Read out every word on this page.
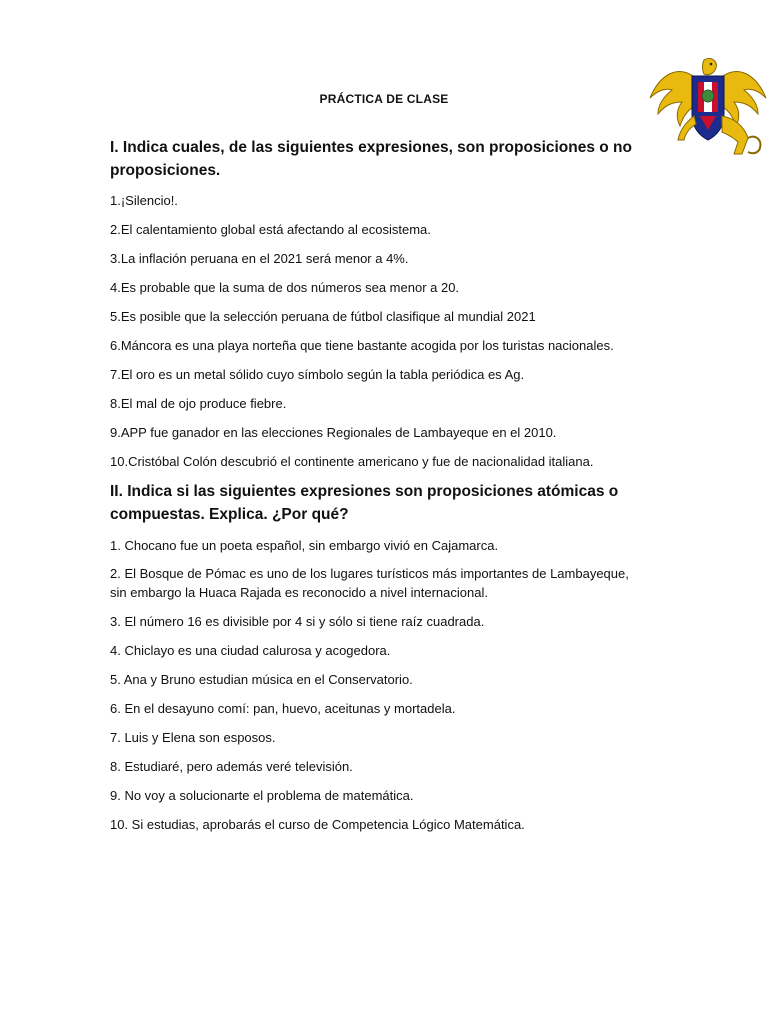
PRÁCTICA DE CLASE
I. Indica cuales, de las siguientes expresiones, son proposiciones o no proposiciones.
1.¡Silencio!.
2.El calentamiento global está afectando al ecosistema.
3.La inflación peruana en el 2021 será menor a 4%.
4.Es probable que la suma de dos números sea menor a 20.
5.Es posible que la selección peruana de fútbol clasifique al mundial 2021
6.Máncora es una playa norteña que tiene bastante acogida por los turistas nacionales.
7.El oro es un metal sólido cuyo símbolo según la tabla periódica es Ag.
8.El mal de ojo produce fiebre.
9.APP fue ganador en las elecciones Regionales de Lambayeque en el 2010.
10.Cristóbal Colón descubrió el continente americano y fue de nacionalidad italiana.
II. Indica si las siguientes expresiones son proposiciones atómicas o compuestas. Explica. ¿Por qué?
1. Chocano fue un poeta español, sin embargo vivió en Cajamarca.
2. El Bosque de Pómac es uno de los lugares turísticos más importantes de Lambayeque, sin embargo la Huaca Rajada es reconocido a nivel internacional.
3. El número 16 es divisible por 4 si y sólo si tiene raíz cuadrada.
4. Chiclayo es una ciudad calurosa y acogedora.
5. Ana y Bruno estudian música en el Conservatorio.
6. En el desayuno comí: pan, huevo, aceitunas y mortadela.
7. Luis y Elena son esposos.
8. Estudiaré, pero además veré televisión.
9. No voy a solucionarte el problema de matemática.
10. Si estudias, aprobarás el curso de Competencia Lógico Matemática.
